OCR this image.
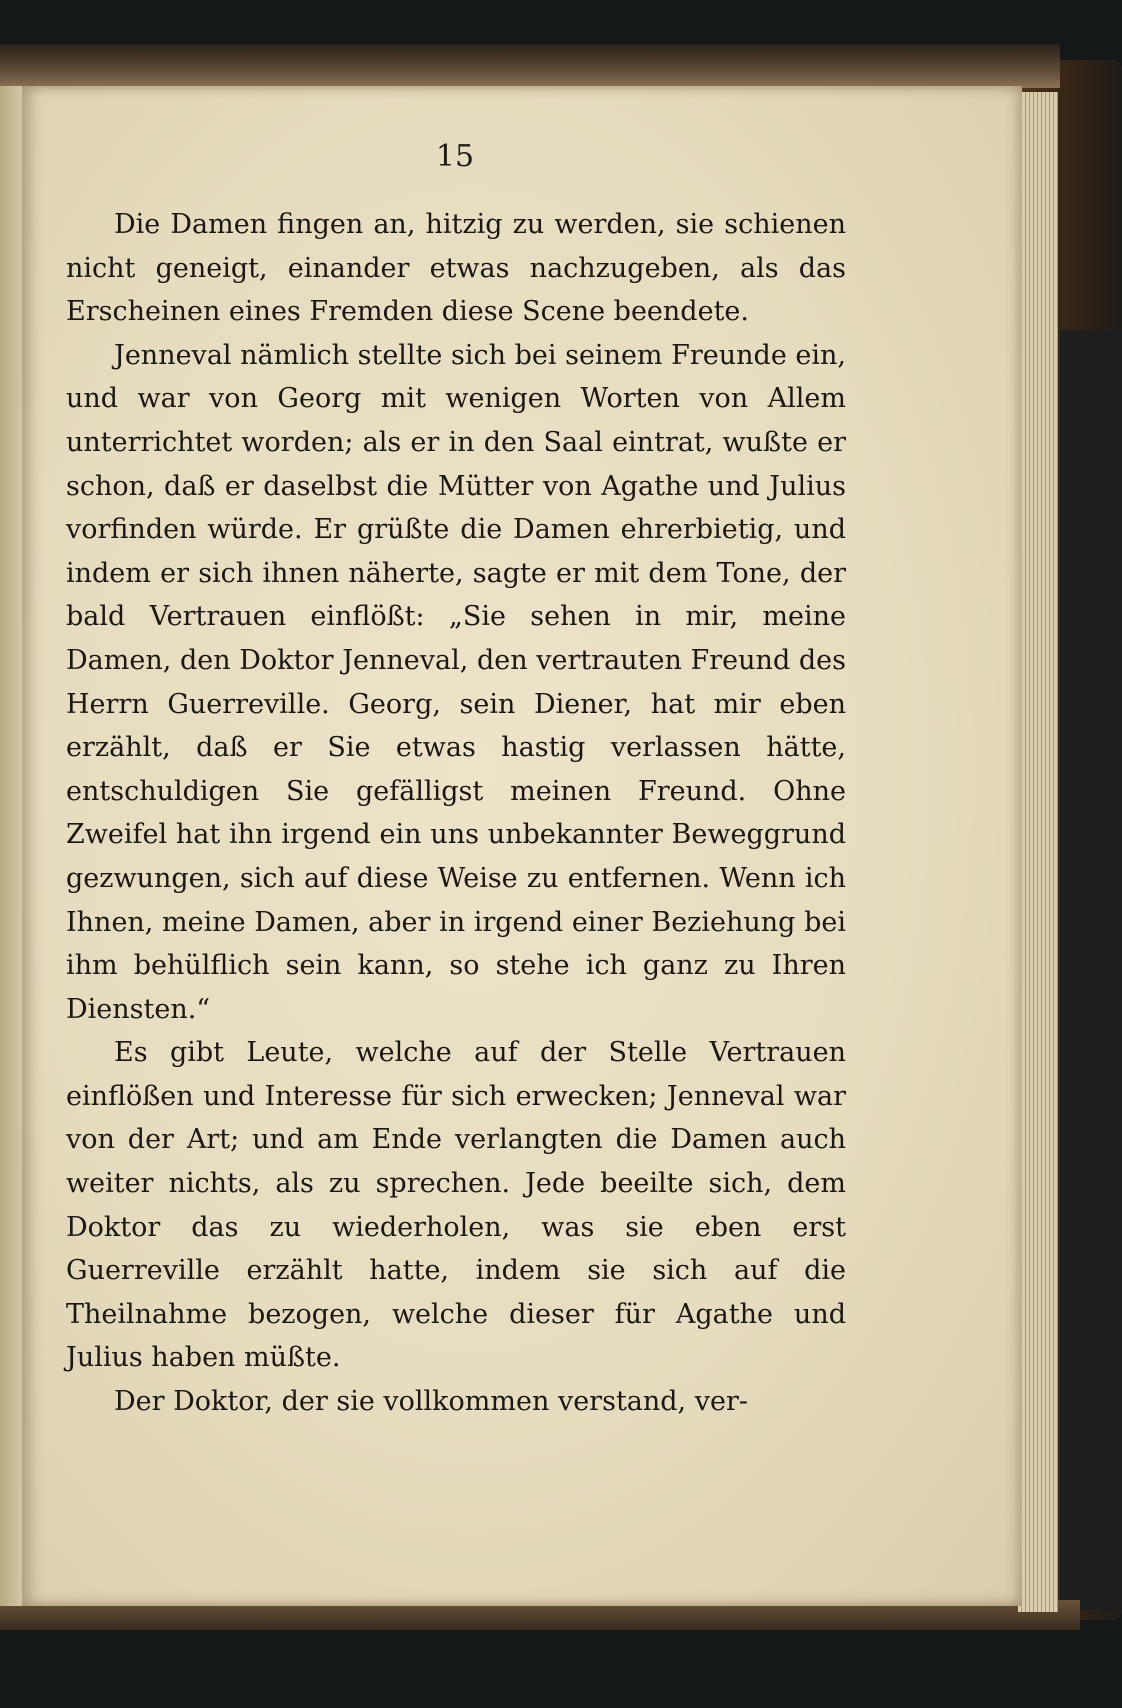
15

Die Damen fingen an, hitzig zu werden, sie schienen nicht geneigt, einander etwas nachzugeben, als das Erscheinen eines Fremden diese Scene beendete.

Jenneval nämlich stellte sich bei seinem Freunde ein, und war von Georg mit wenigen Worten von Allem unterrichtet worden; als er in den Saal eintrat, wußte er schon, daß er daselbst die Mütter von Agathe und Julius vorfinden würde. Er grüßte die Damen ehrerbietig, und indem er sich ihnen näherte, sagte er mit dem Tone, der bald Vertrauen einflößt: „Sie sehen in mir, meine Damen, den Doktor Jenneval, den vertrauten Freund des Herrn Guerreville. Georg, sein Diener, hat mir eben erzählt, daß er Sie etwas hastig verlassen hätte, entschuldigen Sie gefälligst meinen Freund. Ohne Zweifel hat ihn irgend ein uns unbekannter Beweggrund gezwungen, sich auf diese Weise zu entfernen. Wenn ich Ihnen, meine Damen, aber in irgend einer Beziehung bei ihm behülflich sein kann, so stehe ich ganz zu Ihren Diensten.“

Es gibt Leute, welche auf der Stelle Vertrauen einflößen und Interesse für sich erwecken; Jenneval war von der Art; und am Ende verlangten die Damen auch weiter nichts, als zu sprechen. Jede beeilte sich, dem Doktor das zu wiederholen, was sie eben erst Guerreville erzählt hatte, indem sie sich auf die Theilnahme bezogen, welche dieser für Agathe und Julius haben müßte.

Der Doktor, der sie vollkommen verstand, ver-
